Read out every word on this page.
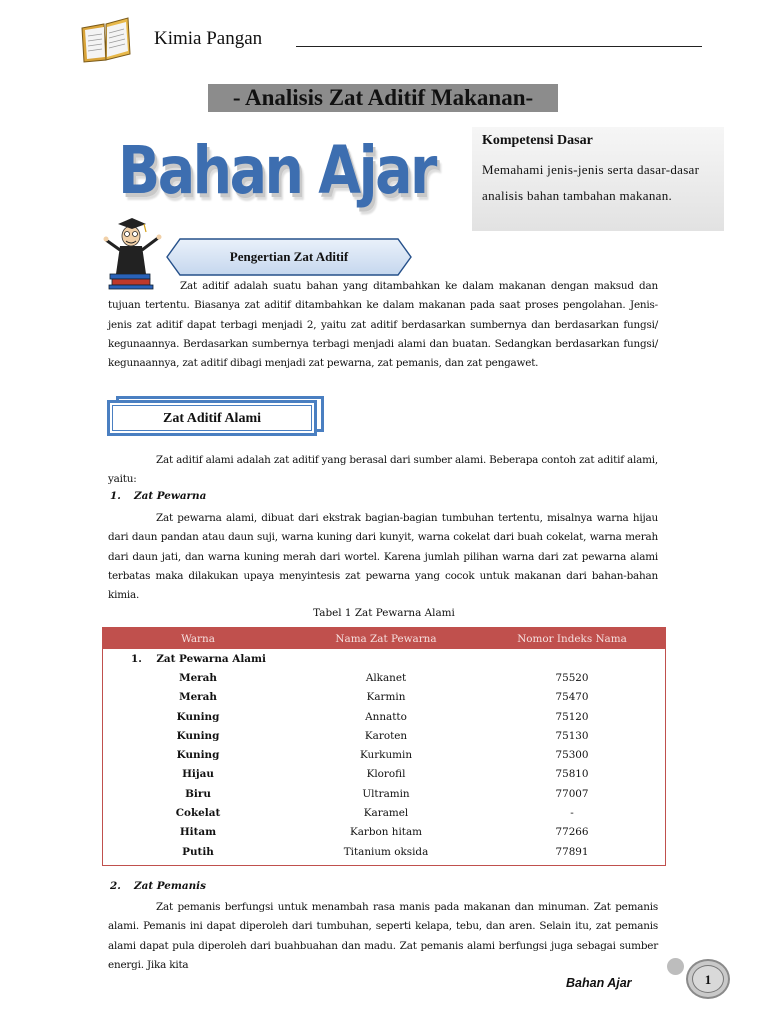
Kimia Pangan
- Analisis Zat Aditif Makanan-
Bahan Ajar	Kompetensi Dasar
Memahami jenis-jenis serta dasar-dasar analisis bahan tambahan makanan.
Pengertian Zat Aditif
Zat aditif adalah suatu bahan yang ditambahkan ke dalam makanan dengan maksud dan tujuan tertentu. Biasanya zat aditif ditambahkan ke dalam makanan pada saat proses pengolahan. Jenis- jenis zat aditif dapat terbagi menjadi 2, yaitu zat aditif berdasarkan sumbernya dan berdasarkan fungsi/ kegunaannya. Berdasarkan sumbernya terbagi menjadi alami dan buatan. Sedangkan berdasarkan fungsi/ kegunaannya, zat aditif dibagi menjadi zat pewarna, zat pemanis, dan zat pengawet.
Zat Aditif Alami
Zat aditif alami adalah zat aditif yang berasal dari sumber alami. Beberapa contoh zat aditif alami, yaitu:
1. Zat Pewarna
Zat pewarna alami, dibuat dari ekstrak bagian-bagian tumbuhan tertentu, misalnya warna hijau dari daun pandan atau daun suji, warna kuning dari kunyit, warna cokelat dari buah cokelat, warna merah dari daun jati, dan warna kuning merah dari wortel. Karena jumlah pilihan warna dari zat pewarna alami terbatas maka dilakukan upaya menyintesis zat pewarna yang cocok untuk makanan dari bahan-bahan kimia.
Tabel 1 Zat Pewarna Alami
Warna	Nama Zat Pewarna	Nomor Indeks Nama
1.    Zat Pewarna Alami		
Merah	Alkanet	75520
Merah	Karmin	75470
Kuning	Annatto	75120
Kuning	Karoten	75130
Kuning	Kurkumin	75300
Hijau	Klorofil	75810
Biru	Ultramin	77007
Cokelat	Karamel	-
Hitam	Karbon hitam	77266
Putih	Titanium oksida	77891
2. Zat Pemanis
Zat pemanis berfungsi untuk menambah rasa manis pada makanan dan minuman. Zat pemanis alami. Pemanis ini dapat diperoleh dari tumbuhan, seperti kelapa, tebu, dan aren. Selain itu, zat pemanis alami dapat pula diperoleh dari buahbuahan dan madu. Zat pemanis alami berfungsi juga sebagai sumber energi. Jika kita
Bahan Ajar	1
